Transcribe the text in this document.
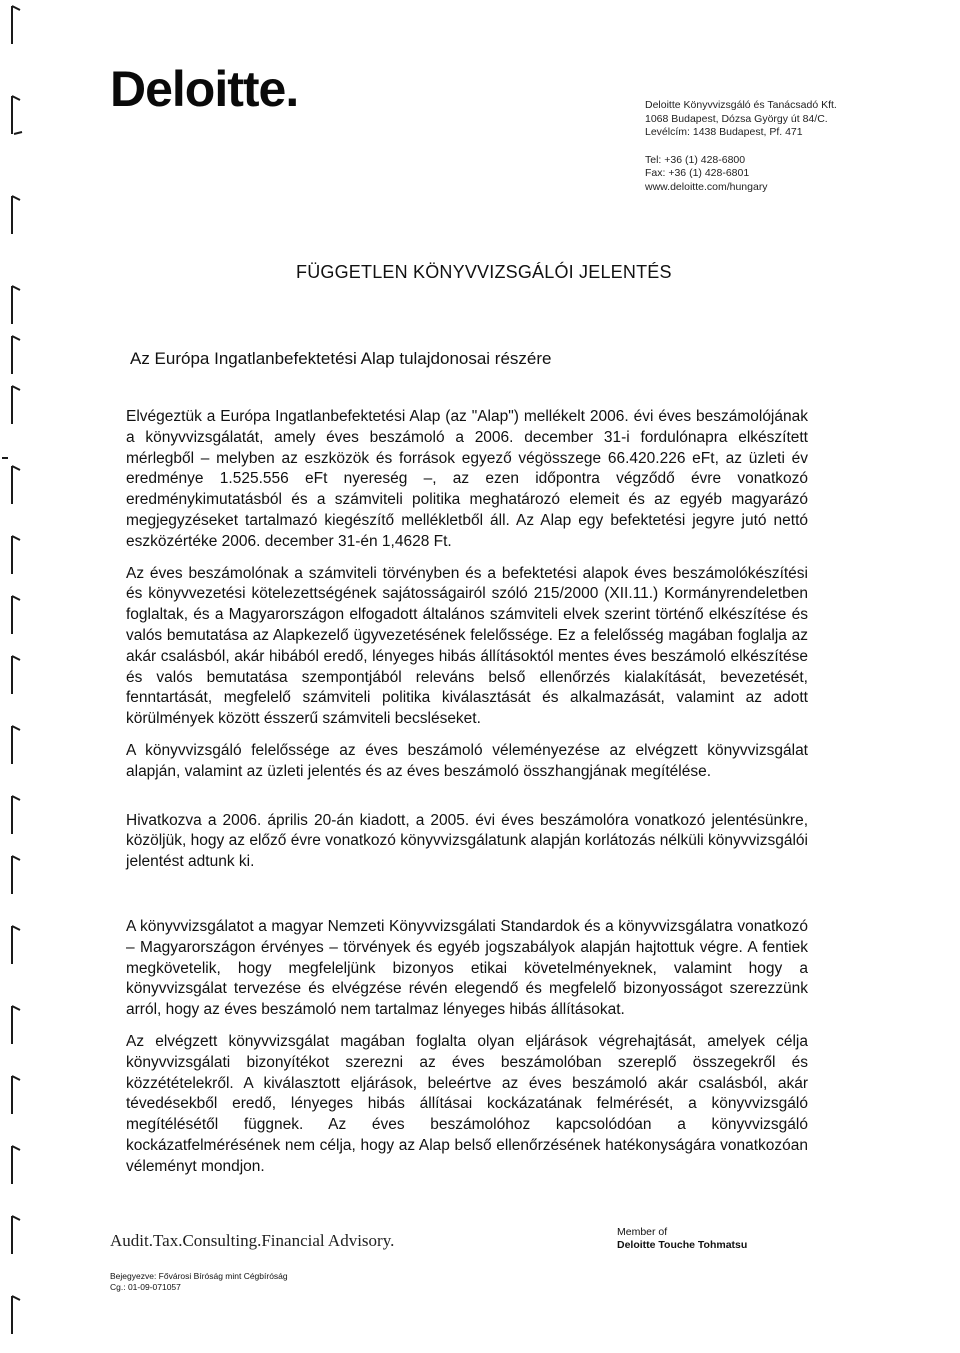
Deloitte.	Deloitte Könyvvizsgáló és Tanácsadó Kft.
1068 Budapest, Dózsa György út 84/C.
Levélcím: 1438 Budapest, Pf. 471
Tel: +36 (1) 428-6800
Fax: +36 (1) 428-6801
www.deloitte.com/hungary
FÜGGETLEN KÖNYVVIZSGÁLÓI JELENTÉS
Az Európa Ingatlanbefektetési Alap tulajdonosai részére

Elvégeztük a Európa Ingatlanbefektetési Alap (az "Alap") mellékelt 2006. évi éves beszámolójának a könyvvizsgálatát, amely éves beszámoló a 2006. december 31-i fordulónapra elkészített mérlegből – melyben az eszközök és források egyező végösszege 66.420.226 eFt, az üzleti év eredménye 1.525.556 eFt nyereség –, az ezen időpontra végződő évre vonatkozó eredménykimutatásból és a számviteli politika meghatározó elemeit és az egyéb magyarázó megjegyzéseket tartalmazó kiegészítő mellékletből áll. Az Alap egy befektetési jegyre jutó nettó eszközértéke 2006. december 31-én 1,4628 Ft.

Az éves beszámolónak a számviteli törvényben és a befektetési alapok éves beszámolókészítési és könyvvezetési kötelezettségének sajátosságairól szóló 215/2000 (XII.11.) Kormányrendeletben foglaltak, és a Magyarországon elfogadott általános számviteli elvek szerint történő elkészítése és valós bemutatása az Alapkezelő ügyvezetésének felelőssége. Ez a felelősség magában foglalja az akár csalásból, akár hibából eredő, lényeges hibás állításoktól mentes éves beszámoló elkészítése és valós bemutatása szempontjából releváns belső ellenőrzés kialakítását, bevezetését, fenntartását, megfelelő számviteli politika kiválasztását és alkalmazását, valamint az adott körülmények között ésszerű számviteli becsléseket.

A könyvvizsgáló felelőssége az éves beszámoló véleményezése az elvégzett könyvvizsgálat alapján, valamint az üzleti jelentés és az éves beszámoló összhangjának megítélése.

Hivatkozva a 2006. április 20-án kiadott, a 2005. évi éves beszámolóra vonatkozó jelentésünkre, közöljük, hogy az előző évre vonatkozó könyvvizsgálatunk alapján korlátozás nélküli könyvvizsgálói jelentést adtunk ki.

A könyvvizsgálatot a magyar Nemzeti Könyvvizsgálati Standardok és a könyvvizsgálatra vonatkozó – Magyarországon érvényes – törvények és egyéb jogszabályok alapján hajtottuk végre. A fentiek megkövetelik, hogy megfeleljünk bizonyos etikai követelményeknek, valamint hogy a könyvvizsgálat tervezése és elvégzése révén elegendő és megfelelő bizonyosságot szerezzünk arról, hogy az éves beszámoló nem tartalmaz lényeges hibás állításokat.

Az elvégzett könyvvizsgálat magában foglalta olyan eljárások végrehajtását, amelyek célja könyvvizsgálati bizonyítékot szerezni az éves beszámolóban szereplő összegekről és közzétételekről. A kiválasztott eljárások, beleértve az éves beszámoló akár csalásból, akár tévedésekből eredő, lényeges hibás állításai kockázatának felmérését, a könyvvizsgáló megítélésétől függnek. Az éves beszámolóhoz kapcsolódóan a könyvvizsgáló kockázatfelmérésének nem célja, hogy az Alap belső ellenőrzésének hatékonyságára vonatkozóan véleményt mondjon.

Audit.Tax.Consulting.Financial Advisory.	Member of
Deloitte Touche Tohmatsu
Bejegyezve: Fővárosi Bíróság mint Cégbíróság
Cg.: 01-09-071057
